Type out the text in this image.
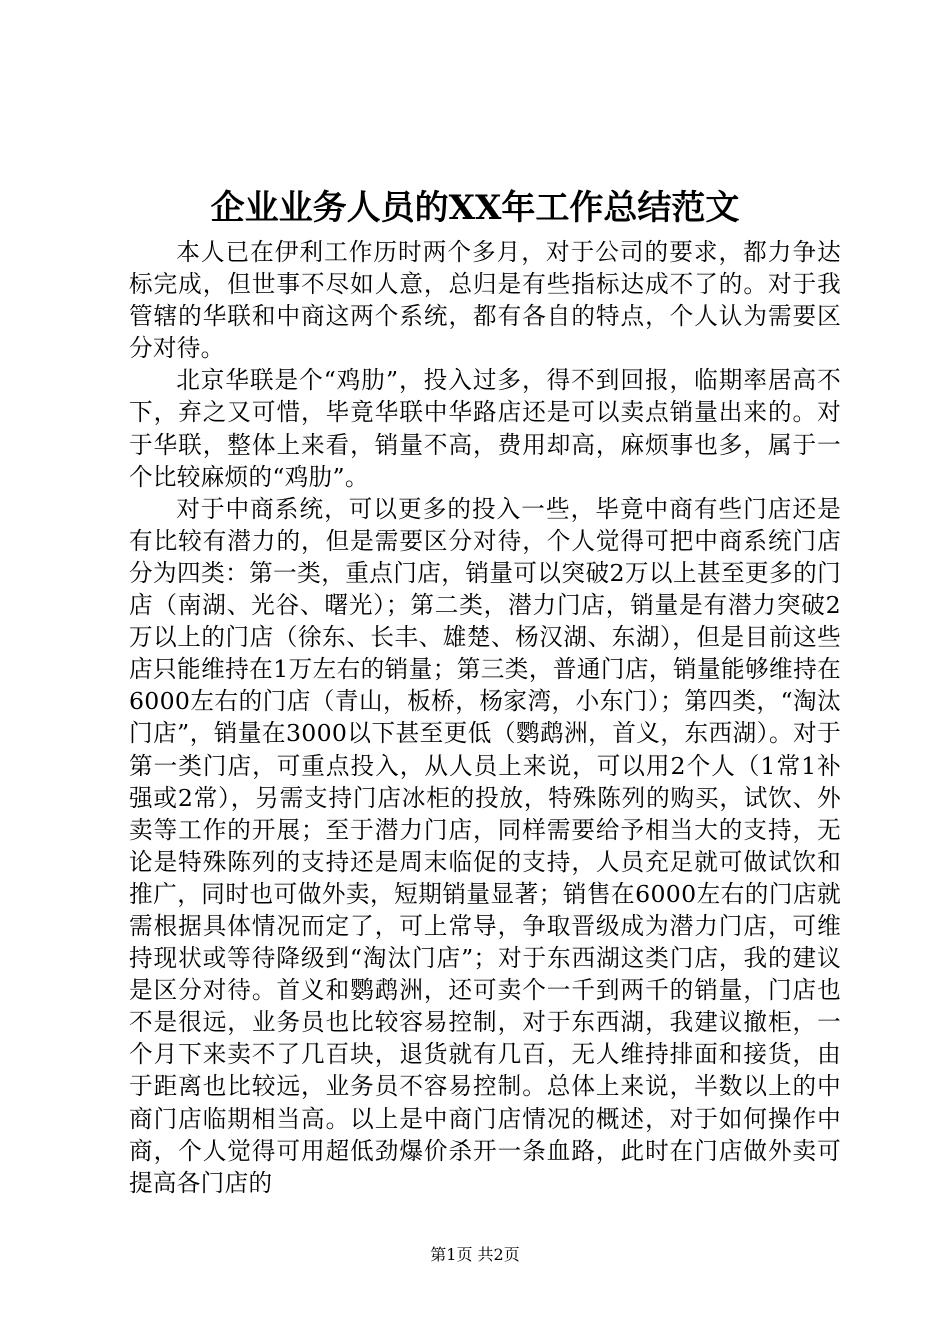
企业业务人员的XX年工作总结范文

本人已在伊利工作历时两个多月，对于公司的要求，都力争达标完成，但世事不尽如人意，总归是有些指标达成不了的。对于我管辖的华联和中商这两个系统，都有各自的特点，个人认为需要区分对待。

北京华联是个“鸡肋”，投入过多，得不到回报，临期率居高不下，弃之又可惜，毕竟华联中华路店还是可以卖点销量出来的。对于华联，整体上来看，销量不高，费用却高，麻烦事也多，属于一个比较麻烦的“鸡肋”。

对于中商系统，可以更多的投入一些，毕竟中商有些门店还是有比较有潜力的，但是需要区分对待，个人觉得可把中商系统门店分为四类：第一类，重点门店，销量可以突破2万以上甚至更多的门店（南湖、光谷、曙光）；第二类，潜力门店，销量是有潜力突破2万以上的门店（徐东、长丰、雄楚、杨汉湖、东湖），但是目前这些店只能维持在1万左右的销量；第三类，普通门店，销量能够维持在6000左右的门店（青山，板桥，杨家湾，小东门）；第四类，“淘汰门店”，销量在3000以下甚至更低（鹦鹉洲，首义，东西湖）。对于第一类门店，可重点投入，从人员上来说，可以用2个人（1常1补强或2常），另需支持门店冰柜的投放，特殊陈列的购买，试饮、外卖等工作的开展；至于潜力门店，同样需要给予相当大的支持，无论是特殊陈列的支持还是周末临促的支持，人员充足就可做试饮和推广，同时也可做外卖，短期销量显著；销售在6000左右的门店就需根据具体情况而定了，可上常导，争取晋级成为潜力门店，可维持现状或等待降级到“淘汰门店”；对于东西湖这类门店，我的建议是区分对待。首义和鹦鹉洲，还可卖个一千到两千的销量，门店也不是很远，业务员也比较容易控制，对于东西湖，我建议撤柜，一个月下来卖不了几百块，退货就有几百，无人维持排面和接货，由于距离也比较远，业务员不容易控制。总体上来说，半数以上的中商门店临期相当高。以上是中商门店情况的概述，对于如何操作中商，个人觉得可用超低劲爆价杀开一条血路，此时在门店做外卖可提高各门店的

第1页 共2页
